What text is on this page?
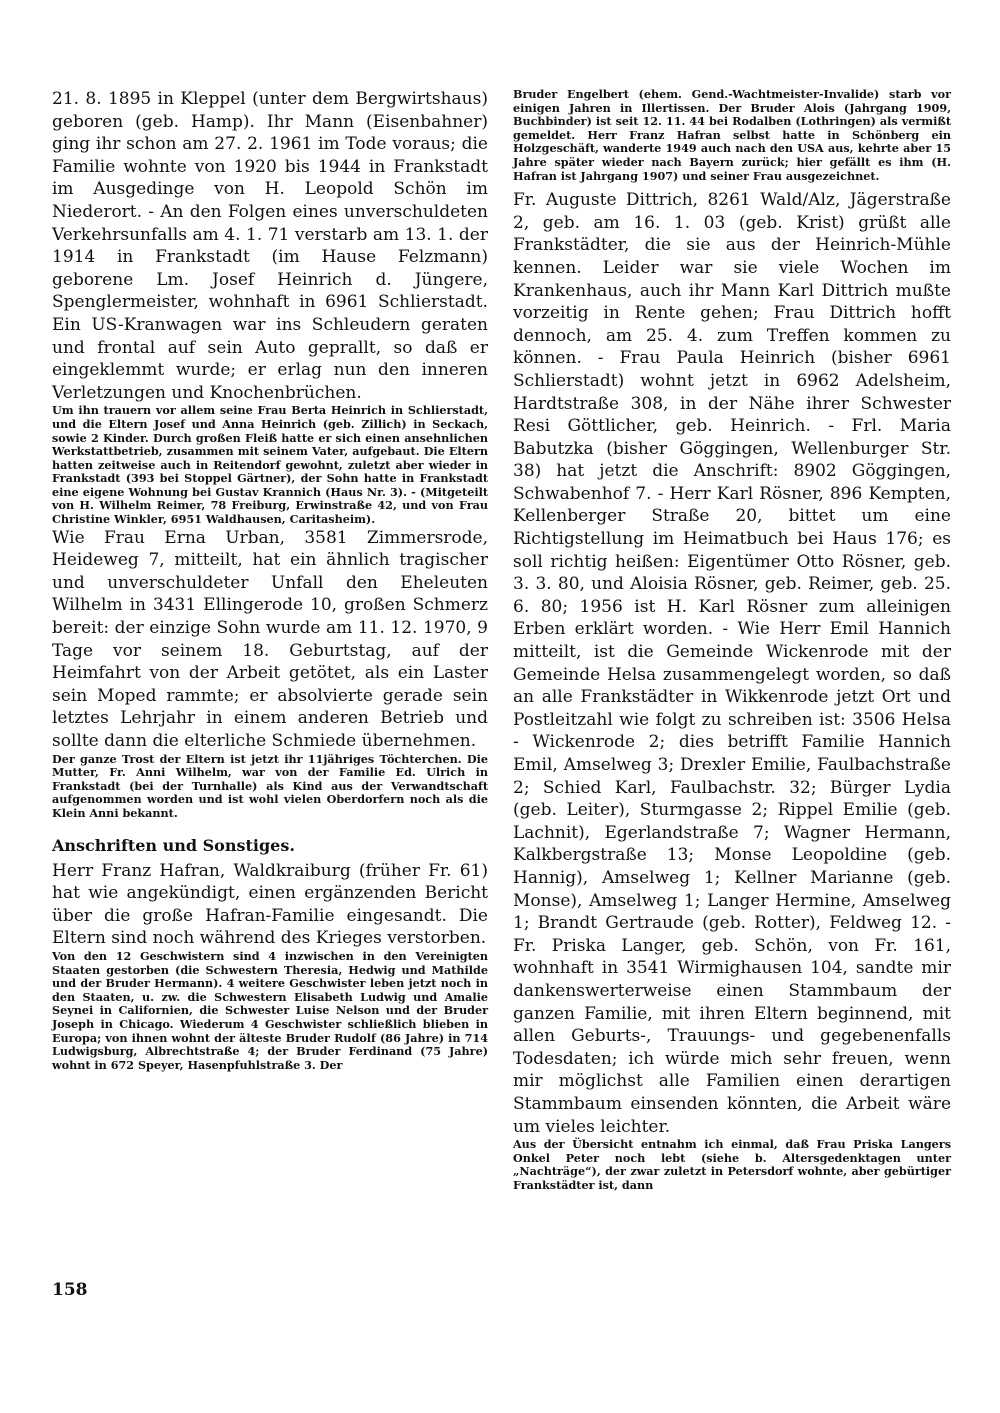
21. 8. 1895 in Kleppel (unter dem Bergwirtshaus) geboren (geb. Hamp). Ihr Mann (Eisenbahner) ging ihr schon am 27. 2. 1961 im Tode voraus; die Familie wohnte von 1920 bis 1944 in Frankstadt im Ausgedinge von H. Leopold Schön im Niederort. - An den Folgen eines unverschuldeten Verkehrsunfalls am 4. 1. 71 verstarb am 13. 1. der 1914 in Frankstadt (im Hause Felzmann) geborene Lm. Josef Heinrich d. Jüngere, Spenglermeister, wohnhaft in 6961 Schlierstadt. Ein US-Kranwagen war ins Schleudern geraten und frontal auf sein Auto geprallt, so daß er eingeklemmt wurde; er erlag nun den inneren Verletzungen und Knochenbrüchen.

Um ihn trauern vor allem seine Frau Berta Heinrich in Schlierstadt, und die Eltern Josef und Anna Heinrich (geb. Zillich) in Seckach, sowie 2 Kinder. Durch großen Fleiß hatte er sich einen ansehnlichen Werkstattbetrieb, zusammen mit seinem Vater, aufgebaut. Die Eltern hatten zeitweise auch in Reitendorf gewohnt, zuletzt aber wieder in Frankstadt (393 bei Stoppel Gärtner), der Sohn hatte in Frankstadt eine eigene Wohnung bei Gustav Krannich (Haus Nr. 3). - (Mitgeteilt von H. Wilhelm Reimer, 78 Freiburg, Erwinstraße 42, und von Frau Christine Winkler, 6951 Waldhausen, Caritasheim).

Wie Frau Erna Urban, 3581 Zimmersrode, Heideweg 7, mitteilt, hat ein ähnlich tragischer und unverschuldeter Unfall den Eheleuten Wilhelm in 3431 Ellingerode 10, großen Schmerz bereit: der einzige Sohn wurde am 11. 12. 1970, 9 Tage vor seinem 18. Geburtstag, auf der Heimfahrt von der Arbeit getötet, als ein Laster sein Moped rammte; er absolvierte gerade sein letztes Lehrjahr in einem anderen Betrieb und sollte dann die elterliche Schmiede übernehmen.

Der ganze Trost der Eltern ist jetzt ihr 11jähriges Töchterchen. Die Mutter, Fr. Anni Wilhelm, war von der Familie Ed. Ulrich in Frankstadt (bei der Turnhalle) als Kind aus der Verwandtschaft aufgenommen worden und ist wohl vielen Oberdorfern noch als die Klein Anni bekannt.

Anschriften und Sonstiges.

Herr Franz Hafran, Waldkraiburg (früher Fr. 61) hat wie angekündigt, einen ergänzenden Bericht über die große Hafran-Familie eingesandt. Die Eltern sind noch während des Krieges verstorben.

Von den 12 Geschwistern sind 4 inzwischen in den Vereinigten Staaten gestorben (die Schwestern Theresia, Hedwig und Mathilde und der Bruder Hermann). 4 weitere Geschwister leben jetzt noch in den Staaten, u. zw. die Schwestern Elisabeth Ludwig und Amalie Seynei in Californien, die Schwester Luise Nelson und der Bruder Joseph in Chicago. Wiederum 4 Geschwister schließlich blieben in Europa; von ihnen wohnt der älteste Bruder Rudolf (86 Jahre) in 714 Ludwigsburg, Albrechtstraße 4; der Bruder Ferdinand (75 Jahre) wohnt in 672 Speyer, Hasenpfuhlstraße 3. Der

Bruder Engelbert (ehem. Gend.-Wachtmeister-Invalide) starb vor einigen Jahren in Illertissen. Der Bruder Alois (Jahrgang 1909, Buchbinder) ist seit 12. 11. 44 bei Rodalben (Lothringen) als vermißt gemeldet. Herr Franz Hafran selbst hatte in Schönberg ein Holzgeschäft, wanderte 1949 auch nach den USA aus, kehrte aber 15 Jahre später wieder nach Bayern zurück; hier gefällt es ihm (H. Hafran ist Jahrgang 1907) und seiner Frau ausgezeichnet.

Fr. Auguste Dittrich, 8261 Wald/Alz, Jägerstraße 2, geb. am 16. 1. 03 (geb. Krist) grüßt alle Frankstädter, die sie aus der Heinrich-Mühle kennen. Leider war sie viele Wochen im Krankenhaus, auch ihr Mann Karl Dittrich mußte vorzeitig in Rente gehen; Frau Dittrich hofft dennoch, am 25. 4. zum Treffen kommen zu können. - Frau Paula Heinrich (bisher 6961 Schlierstadt) wohnt jetzt in 6962 Adelsheim, Hardtstraße 308, in der Nähe ihrer Schwester Resi Göttlicher, geb. Heinrich. - Frl. Maria Babutzka (bisher Göggingen, Wellenburger Str. 38) hat jetzt die Anschrift: 8902 Göggingen, Schwabenhof 7. - Herr Karl Rösner, 896 Kempten, Kellenberger Straße 20, bittet um eine Richtigstellung im Heimatbuch bei Haus 176; es soll richtig heißen: Eigentümer Otto Rösner, geb. 3. 3. 80, und Aloisia Rösner, geb. Reimer, geb. 25. 6. 80; 1956 ist H. Karl Rösner zum alleinigen Erben erklärt worden. - Wie Herr Emil Hannich mitteilt, ist die Gemeinde Wickenrode mit der Gemeinde Helsa zusammengelegt worden, so daß an alle Frankstädter in Wikkenrode jetzt Ort und Postleitzahl wie folgt zu schreiben ist: 3506 Helsa - Wickenrode 2; dies betrifft Familie Hannich Emil, Amselweg 3; Drexler Emilie, Faulbachstraße 2; Schied Karl, Faulbachstr. 32; Bürger Lydia (geb. Leiter), Sturmgasse 2; Rippel Emilie (geb. Lachnit), Egerlandstraße 7; Wagner Hermann, Kalkbergstraße 13; Monse Leopoldine (geb. Hannig), Amselweg 1; Kellner Marianne (geb. Monse), Amselweg 1; Langer Hermine, Amselweg 1; Brandt Gertraude (geb. Rotter), Feldweg 12. - Fr. Priska Langer, geb. Schön, von Fr. 161, wohnhaft in 3541 Wirmighausen 104, sandte mir dankenswerterweise einen Stammbaum der ganzen Familie, mit ihren Eltern beginnend, mit allen Geburts-, Trauungs- und gegebenenfalls Todesdaten; ich würde mich sehr freuen, wenn mir möglichst alle Familien einen derartigen Stammbaum einsenden könnten, die Arbeit wäre um vieles leichter.

Aus der Übersicht entnahm ich einmal, daß Frau Priska Langers Onkel Peter noch lebt (siehe b. Altersgedenktagen unter „Nachträge“), der zwar zuletzt in Petersdorf wohnte, aber gebürtiger Frankstädter ist, dann

158
